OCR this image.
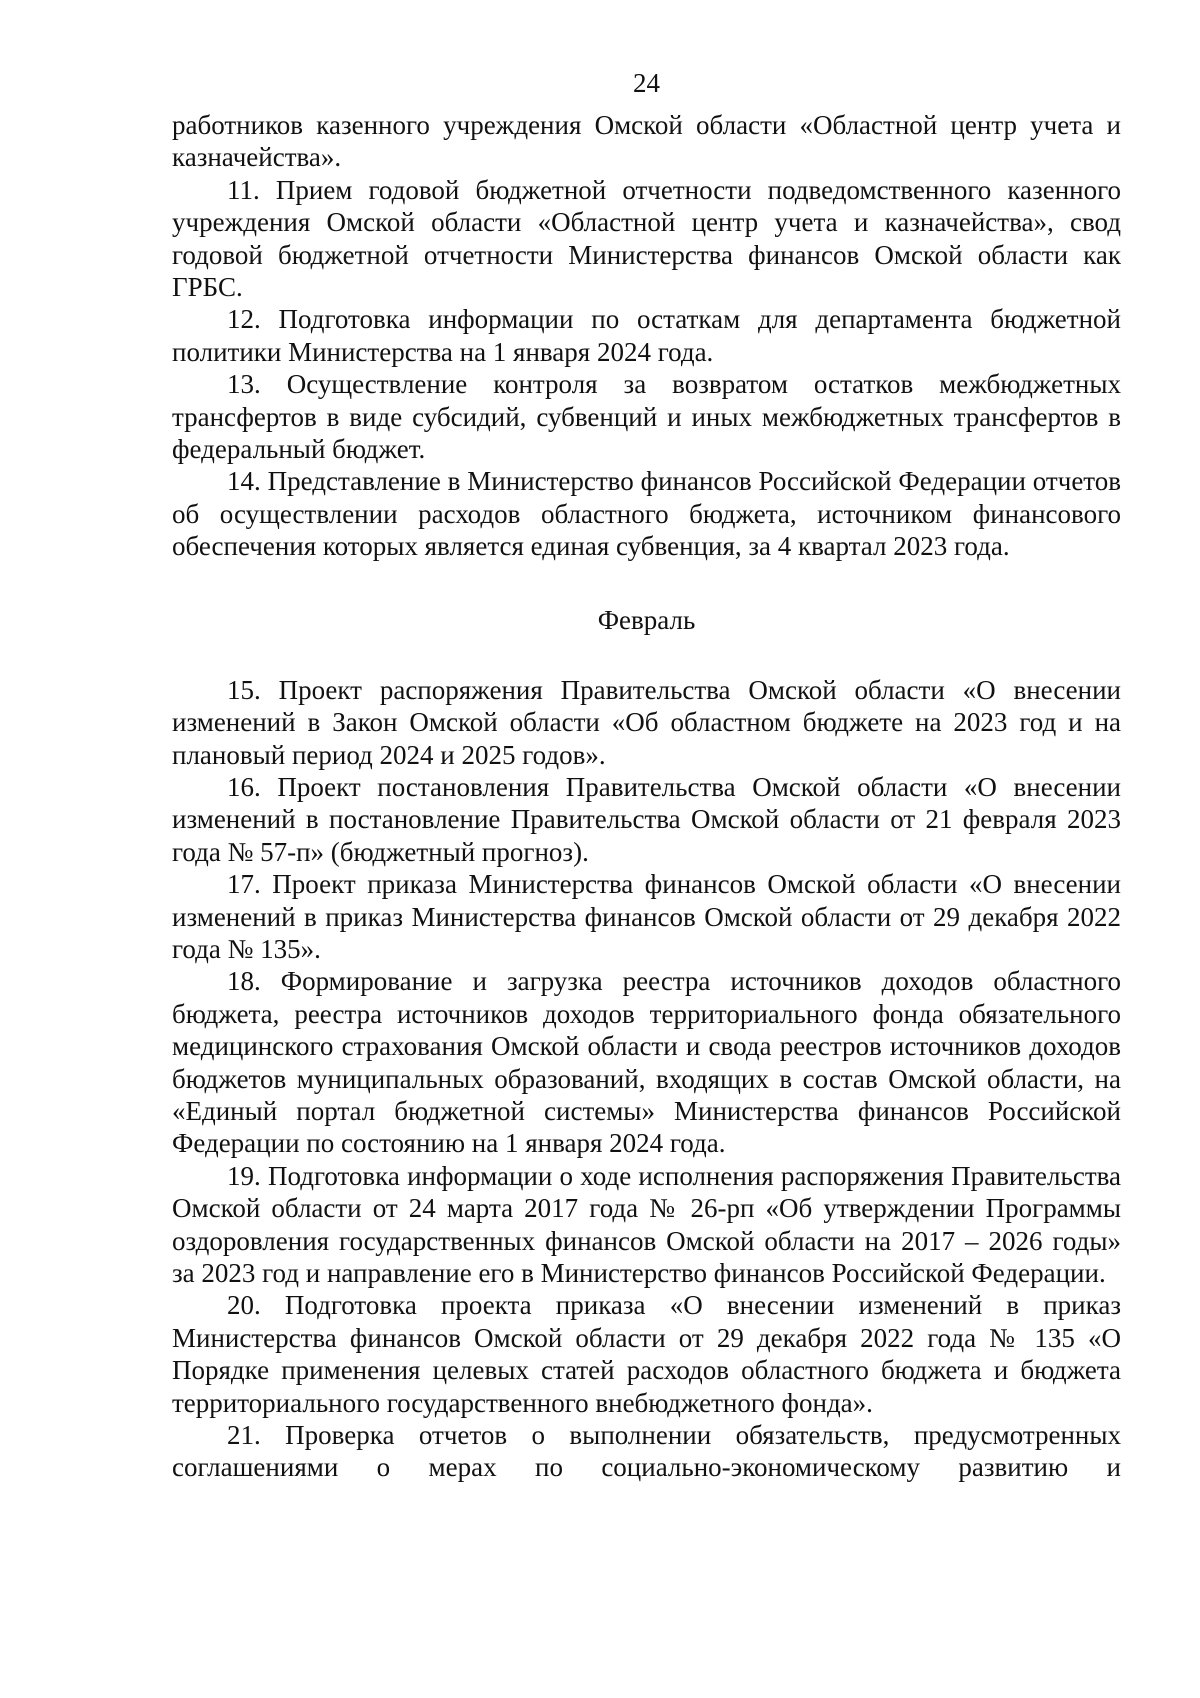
24

работников казенного учреждения Омской области «Областной центр учета и казначейства».

11. Прием годовой бюджетной отчетности подведомственного казенного учреждения Омской области «Областной центр учета и казначейства», свод годовой бюджетной отчетности Министерства финансов Омской области как ГРБС.

12. Подготовка информации по остаткам для департамента бюджетной политики Министерства на 1 января 2024 года.

13. Осуществление контроля за возвратом остатков межбюджетных трансфертов в виде субсидий, субвенций и иных межбюджетных трансфертов в федеральный бюджет.

14. Представление в Министерство финансов Российской Федерации отчетов об осуществлении расходов областного бюджета, источником финансового обеспечения которых является единая субвенция, за 4 квартал 2023 года.

Февраль

15. Проект распоряжения Правительства Омской области «О внесении изменений в Закон Омской области «Об областном бюджете на 2023 год и на плановый период 2024 и 2025 годов».

16. Проект постановления Правительства Омской области «О внесении изменений в постановление Правительства Омской области от 21 февраля 2023 года № 57-п» (бюджетный прогноз).

17. Проект приказа Министерства финансов Омской области «О внесении изменений в приказ Министерства финансов Омской области от 29 декабря 2022 года № 135».

18. Формирование и загрузка реестра источников доходов областного бюджета, реестра источников доходов территориального фонда обязательного медицинского страхования Омской области и свода реестров источников доходов бюджетов муниципальных образований, входящих в состав Омской области, на «Единый портал бюджетной системы» Министерства финансов Российской Федерации по состоянию на 1 января 2024 года.

19. Подготовка информации о ходе исполнения распоряжения Правительства Омской области от 24 марта 2017 года № 26-рп «Об утверждении Программы оздоровления государственных финансов Омской области на 2017 – 2026 годы» за 2023 год и направление его в Министерство финансов Российской Федерации.

20. Подготовка проекта приказа «О внесении изменений в приказ Министерства финансов Омской области от 29 декабря 2022 года № 135 «О Порядке применения целевых статей расходов областного бюджета и бюджета территориального государственного внебюджетного фонда».

21. Проверка отчетов о выполнении обязательств, предусмотренных соглашениями о мерах по социально-экономическому развитию и
